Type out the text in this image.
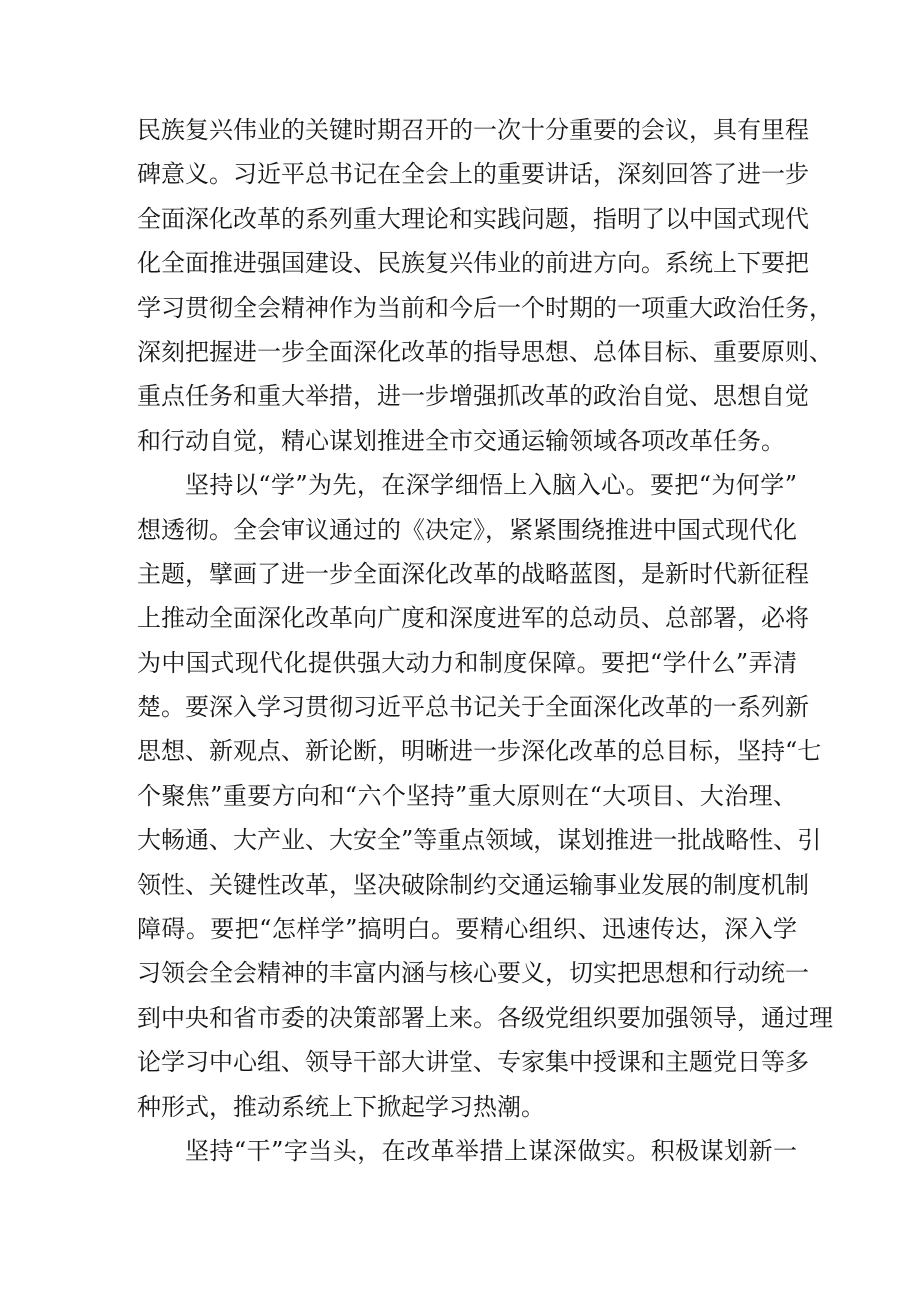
民族复兴伟业的关键时期召开的一次十分重要的会议，具有里程
碑意义。习近平总书记在全会上的重要讲话，深刻回答了进一步
全面深化改革的系列重大理论和实践问题，指明了以中国式现代
化全面推进强国建设、民族复兴伟业的前进方向。系统上下要把
学习贯彻全会精神作为当前和今后一个时期的一项重大政治任务，
深刻把握进一步全面深化改革的指导思想、总体目标、重要原则、
重点任务和重大举措，进一步增强抓改革的政治自觉、思想自觉
和行动自觉，精心谋划推进全市交通运输领域各项改革任务。
坚持以“学”为先，在深学细悟上入脑入心。要把“为何学”
想透彻。全会审议通过的《决定》，紧紧围绕推进中国式现代化
主题，擘画了进一步全面深化改革的战略蓝图，是新时代新征程
上推动全面深化改革向广度和深度进军的总动员、总部署，必将
为中国式现代化提供强大动力和制度保障。要把“学什么”弄清
楚。要深入学习贯彻习近平总书记关于全面深化改革的一系列新
思想、新观点、新论断，明晰进一步深化改革的总目标，坚持“七
个聚焦”重要方向和“六个坚持”重大原则在“大项目、大治理、
大畅通、大产业、大安全”等重点领域，谋划推进一批战略性、引
领性、关键性改革，坚决破除制约交通运输事业发展的制度机制
障碍。要把“怎样学”搞明白。要精心组织、迅速传达，深入学
习领会全会精神的丰富内涵与核心要义，切实把思想和行动统一
到中央和省市委的决策部署上来。各级党组织要加强领导，通过理
论学习中心组、领导干部大讲堂、专家集中授课和主题党日等多
种形式，推动系统上下掀起学习热潮。
坚持“干”字当头，在改革举措上谋深做实。积极谋划新一
